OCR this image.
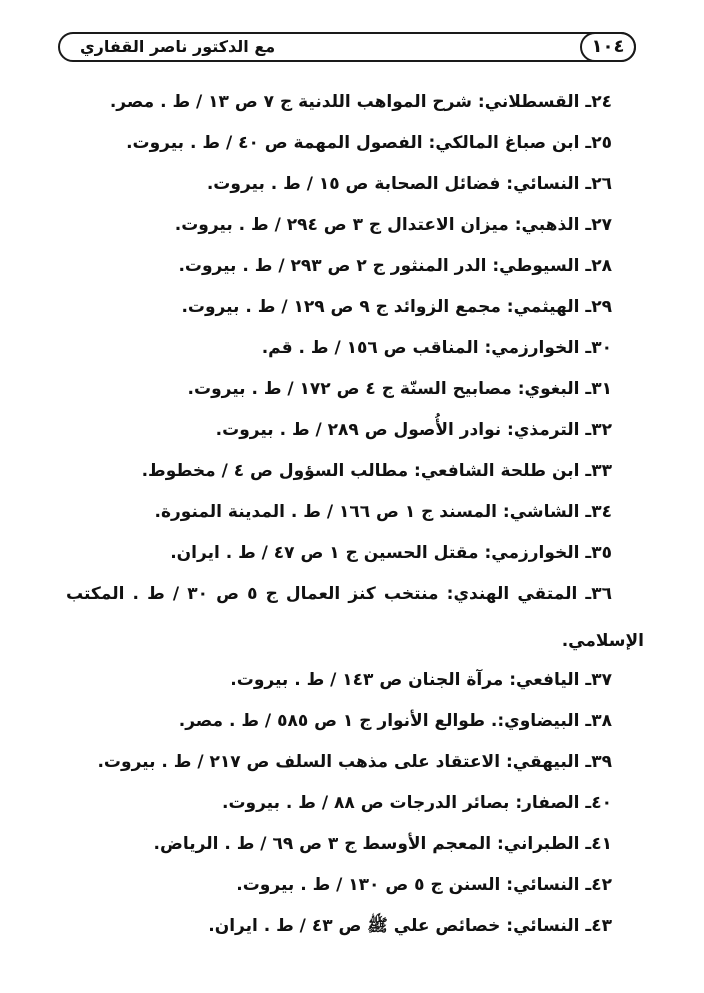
مع الدكتور ناصر القفاري	١٠٤
٢٤ـ القسطلاني: شرح المواهب اللدنية ج ٧ ص ١٣ / ط . مصر.
٢٥ـ ابن صباغ المالكي: الفصول المهمة ص ٤٠ / ط . بيروت.
٢٦ـ النسائي: فضائل الصحابة ص ١٥ / ط . بيروت.
٢٧ـ الذهبي: ميزان الاعتدال ج ٣ ص ٢٩٤ / ط . بيروت.
٢٨ـ السيوطي: الدر المنثور ج ٢ ص ٢٩٣ / ط . بيروت.
٢٩ـ الهيثمي: مجمع الزوائد ج ٩ ص ١٢٩ / ط . بيروت.
٣٠ـ الخوارزمي: المناقب ص ١٥٦ / ط . قم.
٣١ـ البغوي: مصابيح السنّة ج ٤ ص ١٧٢ / ط . بيروت.
٣٢ـ الترمذي: نوادر الأُصول ص ٢٨٩ / ط . بيروت.
٣٣ـ ابن طلحة الشافعي: مطالب السؤول ص ٤ / مخطوط.
٣٤ـ الشاشي: المسند ج ١ ص ١٦٦ / ط . المدينة المنورة.
٣٥ـ الخوارزمي: مقتل الحسين ج ١ ص ٤٧ / ط . ايران.
٣٦ـ المتقي الهندي: منتخب كنز العمال ج ٥ ص ٣٠ / ط . المكتب
الإسلامي.
٣٧ـ اليافعي: مرآة الجنان ص ١٤٣ / ط . بيروت.
٣٨ـ البيضاوي:. طوالع الأنوار ج ١ ص ٥٨٥ / ط . مصر.
٣٩ـ البيهقي: الاعتقاد على مذهب السلف ص ٢١٧ / ط . بيروت.
٤٠ـ الصفار: بصائر الدرجات ص ٨٨ / ط . بيروت.
٤١ـ الطبراني: المعجم الأوسط ج ٣ ص ٦٩ / ط . الرياض.
٤٢ـ النسائي: السنن ج ٥ ص ١٣٠ / ط . بيروت.
٤٣ـ النسائي: خصائص علي ﷺ ص ٤٣ / ط . ايران.
